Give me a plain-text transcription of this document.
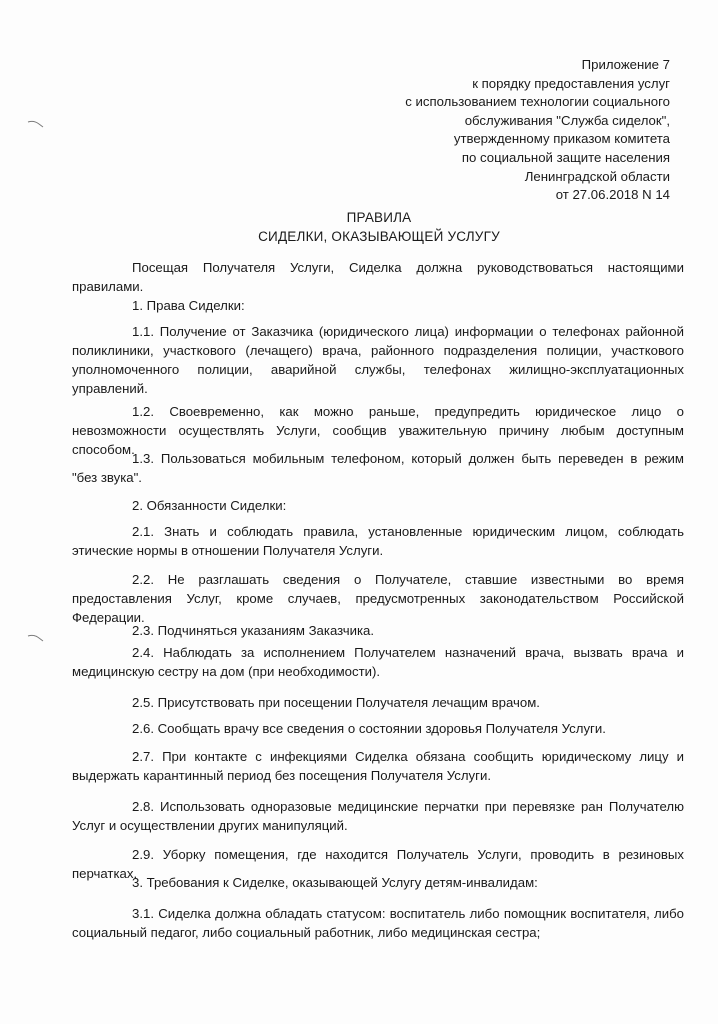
Приложение 7
к порядку предоставления услуг
с использованием технологии социального
обслуживания "Служба сиделок",
утвержденному приказом комитета
по социальной защите населения
Ленинградской области
от 27.06.2018 N 14
ПРАВИЛА
СИДЕЛКИ, ОКАЗЫВАЮЩЕЙ УСЛУГУ
Посещая Получателя Услуги, Сиделка должна руководствоваться настоящими правилами.
1. Права Сиделки:
1.1. Получение от Заказчика (юридического лица) информации о телефонах районной поликлиники, участкового (лечащего) врача, районного подразделения полиции, участкового уполномоченного полиции, аварийной службы, телефонах жилищно-эксплуатационных управлений.
1.2. Своевременно, как можно раньше, предупредить юридическое лицо о невозможности осуществлять Услуги, сообщив уважительную причину любым доступным способом.
1.3. Пользоваться мобильным телефоном, который должен быть переведен в режим "без звука".
2. Обязанности Сиделки:
2.1. Знать и соблюдать правила, установленные юридическим лицом, соблюдать этические нормы в отношении Получателя Услуги.
2.2. Не разглашать сведения о Получателе, ставшие известными во время предоставления Услуг, кроме случаев, предусмотренных законодательством Российской Федерации.
2.3. Подчиняться указаниям Заказчика.
2.4. Наблюдать за исполнением Получателем назначений врача, вызвать врача и медицинскую сестру на дом (при необходимости).
2.5. Присутствовать при посещении Получателя лечащим врачом.
2.6. Сообщать врачу все сведения о состоянии здоровья Получателя Услуги.
2.7. При контакте с инфекциями Сиделка обязана сообщить юридическому лицу и выдержать карантинный период без посещения Получателя Услуги.
2.8. Использовать одноразовые медицинские перчатки при перевязке ран Получателю Услуг и осуществлении других манипуляций.
2.9. Уборку помещения, где находится Получатель Услуги, проводить в резиновых перчатках.
3. Требования к Сиделке, оказывающей Услугу детям-инвалидам:
3.1. Сиделка должна обладать статусом: воспитатель либо помощник воспитателя, либо социальный педагог, либо социальный работник, либо медицинская сестра;
